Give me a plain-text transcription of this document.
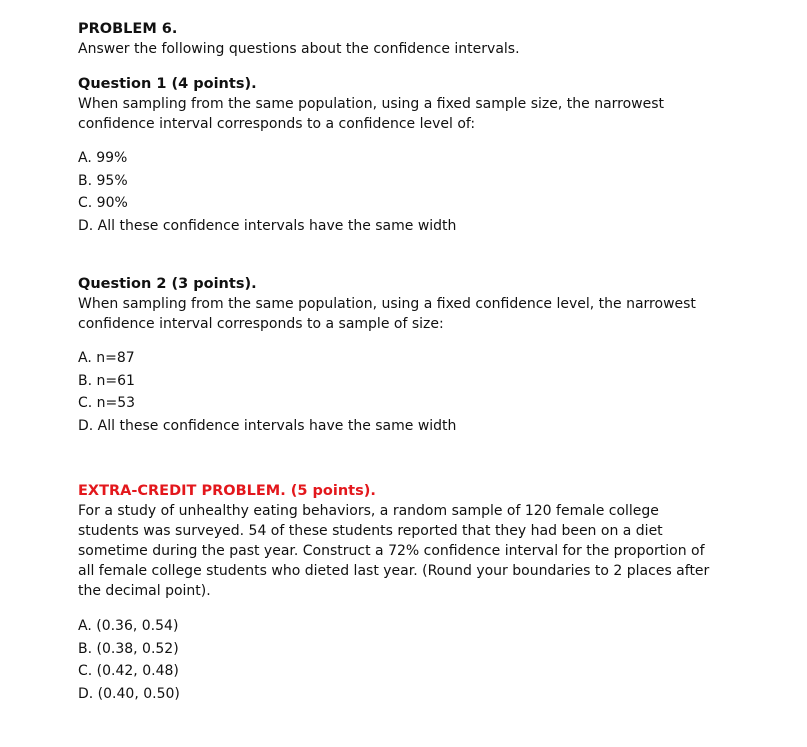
PROBLEM 6.
Answer the following questions about the confidence intervals.
Question 1 (4 points).

When sampling from the same population, using a fixed sample size, the narrowest
confidence interval corresponds to a confidence level of:

A. 99%
B. 95%
C. 90%
D. All these confidence intervals have the same width
Question 2 (3 points).

When sampling from the same population, using a fixed confidence level, the narrowest
confidence interval corresponds to a sample of size:

A. n=87
B. n=61
C. n=53
D. All these confidence intervals have the same width
EXTRA-CREDIT PROBLEM. (5 points).

For a study of unhealthy eating behaviors, a random sample of 120 female college
students was surveyed. 54 of these students reported that they had been on a diet
sometime during the past year. Construct a 72% confidence interval for the proportion of
all female college students who dieted last year. (Round your boundaries to 2 places after
the decimal point).

A. (0.36, 0.54)
B. (0.38, 0.52)
C. (0.42, 0.48)
D. (0.40, 0.50)
